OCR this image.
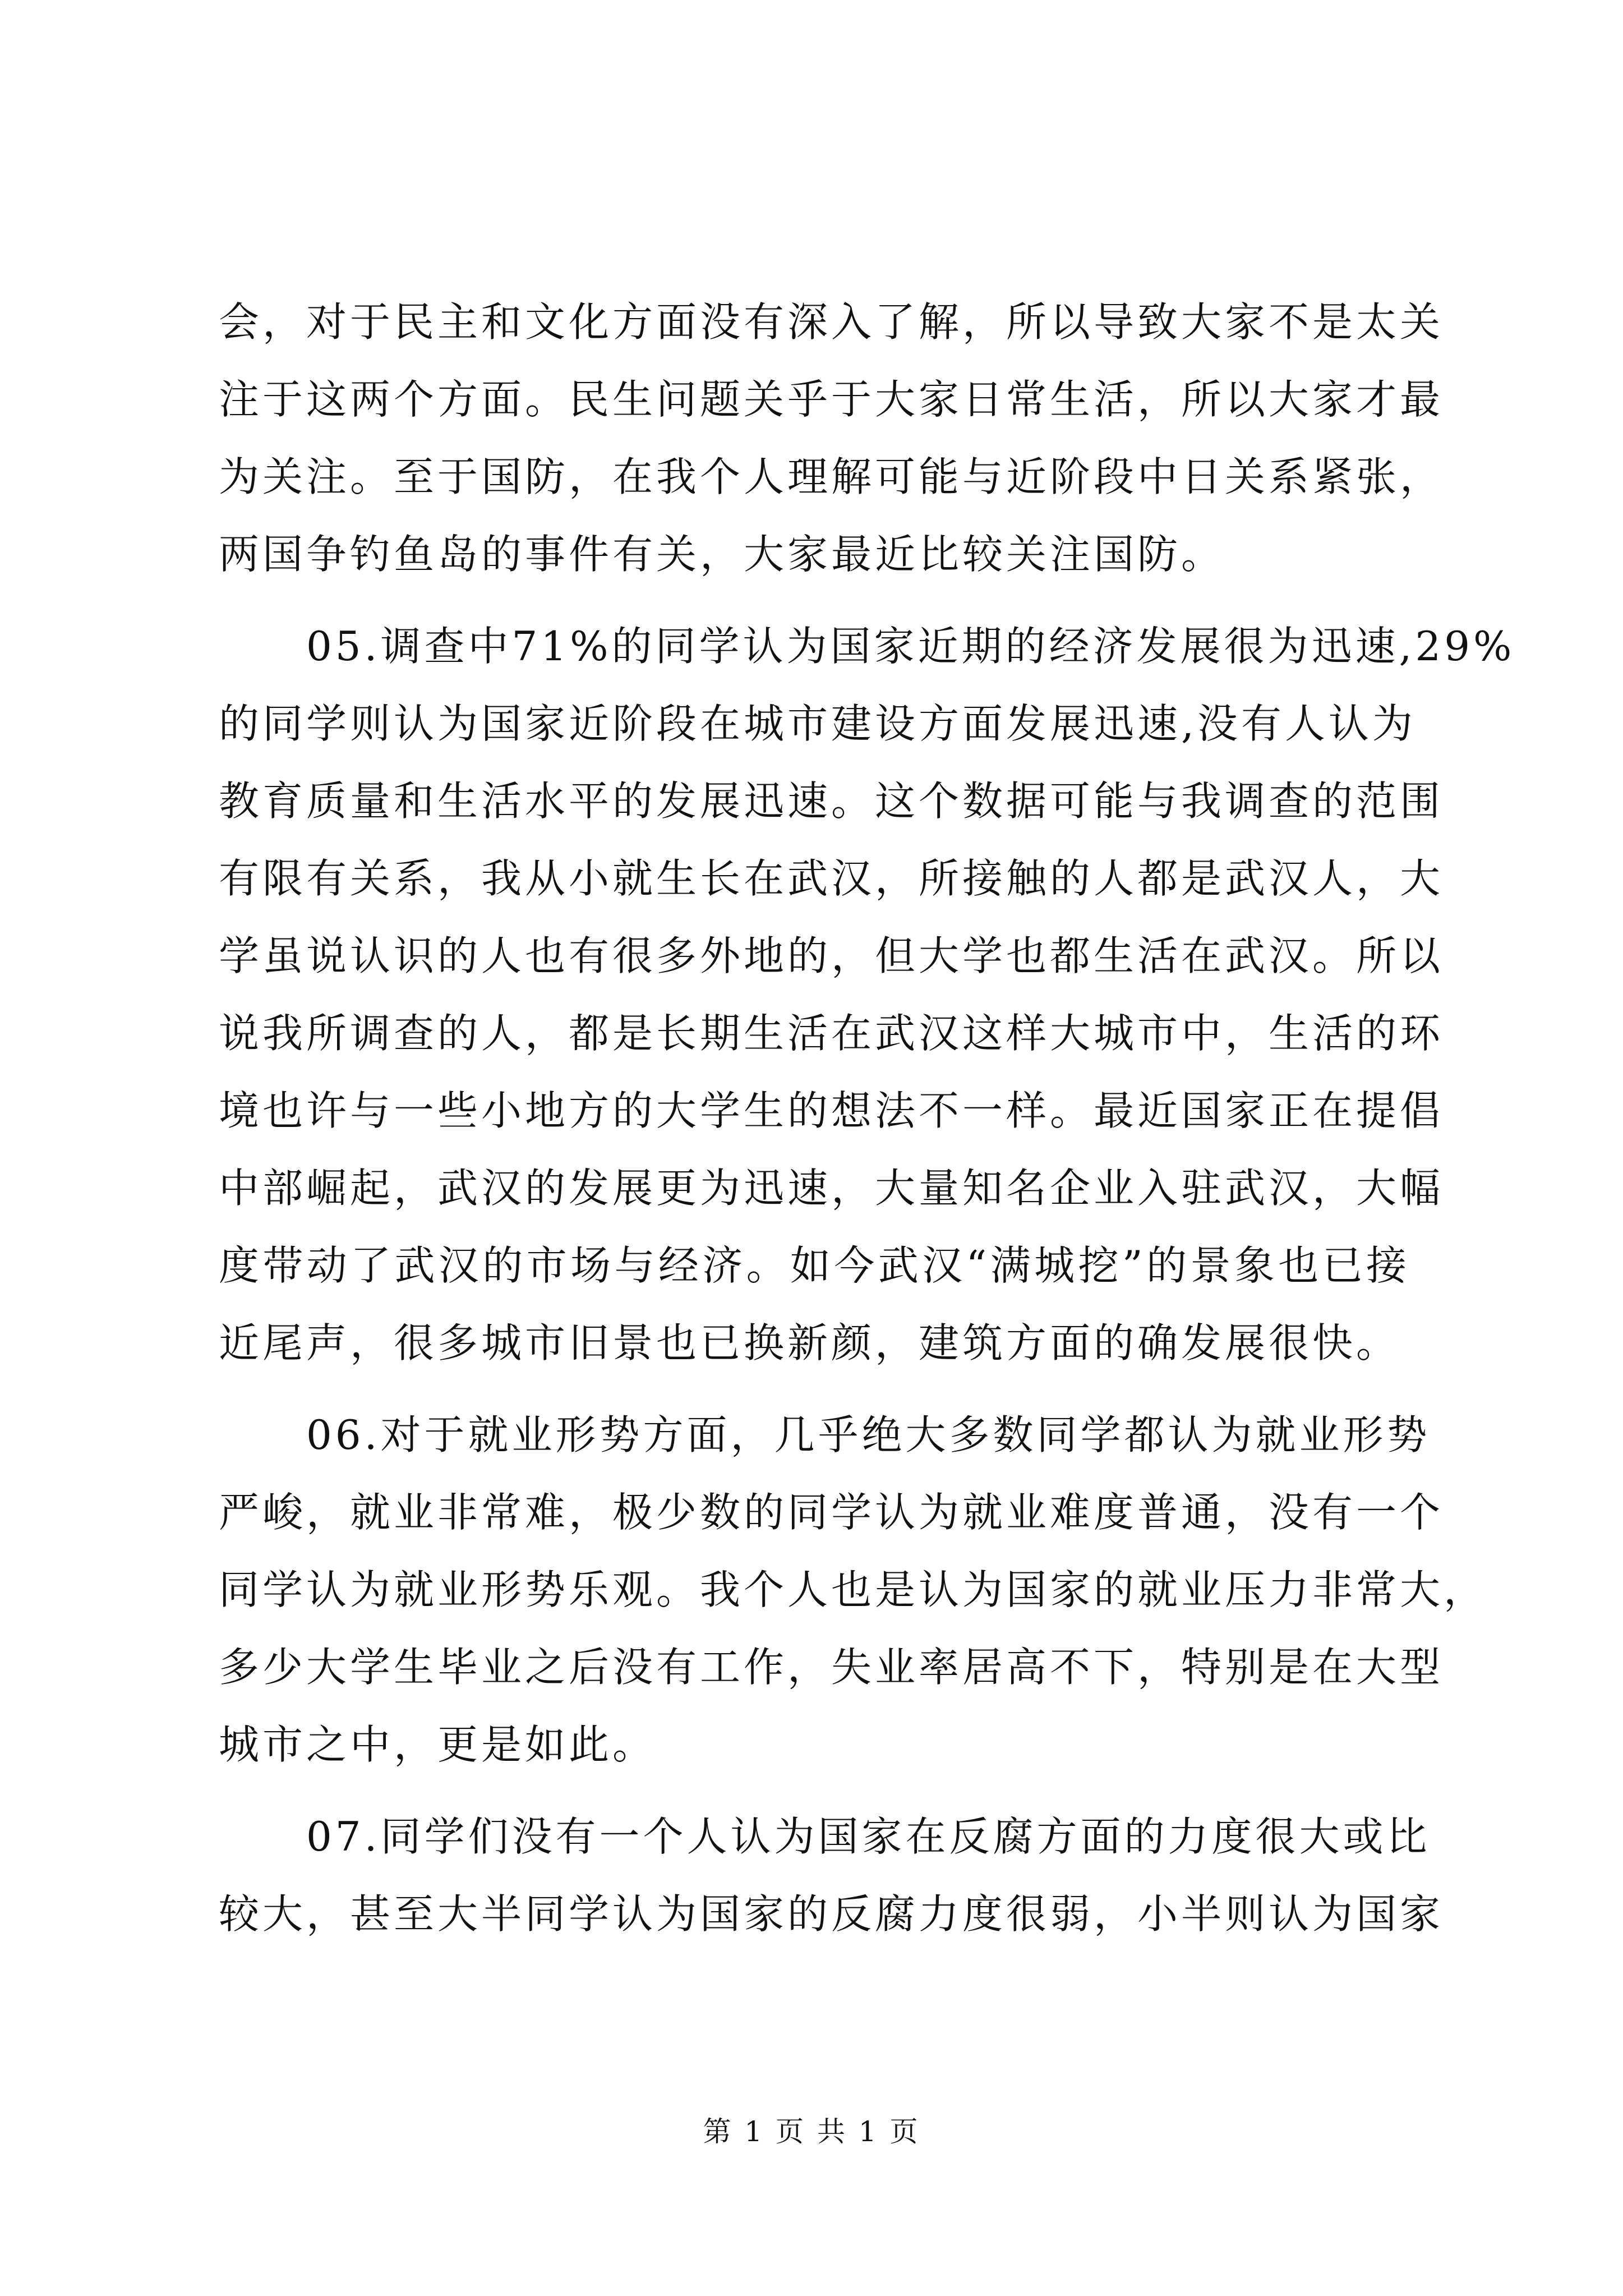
会，对于民主和文化方面没有深入了解，所以导致大家不是太关
注于这两个方面。民生问题关乎于大家日常生活，所以大家才最
为关注。至于国防，在我个人理解可能与近阶段中日关系紧张，
两国争钓鱼岛的事件有关，大家最近比较关注国防。
　　05.调查中71%的同学认为国家近期的经济发展很为迅速,29%
的同学则认为国家近阶段在城市建设方面发展迅速,没有人认为
教育质量和生活水平的发展迅速。这个数据可能与我调查的范围
有限有关系，我从小就生长在武汉，所接触的人都是武汉人，大
学虽说认识的人也有很多外地的，但大学也都生活在武汉。所以
说我所调查的人，都是长期生活在武汉这样大城市中，生活的环
境也许与一些小地方的大学生的想法不一样。最近国家正在提倡
中部崛起，武汉的发展更为迅速，大量知名企业入驻武汉，大幅
度带动了武汉的市场与经济。如今武汉“满城挖”的景象也已接
近尾声，很多城市旧景也已换新颜，建筑方面的确发展很快。
　　06.对于就业形势方面，几乎绝大多数同学都认为就业形势
严峻，就业非常难，极少数的同学认为就业难度普通，没有一个
同学认为就业形势乐观。我个人也是认为国家的就业压力非常大，
多少大学生毕业之后没有工作，失业率居高不下，特别是在大型
城市之中，更是如此。
　　07.同学们没有一个人认为国家在反腐方面的力度很大或比
较大，甚至大半同学认为国家的反腐力度很弱，小半则认为国家
第 1 页 共 1 页
